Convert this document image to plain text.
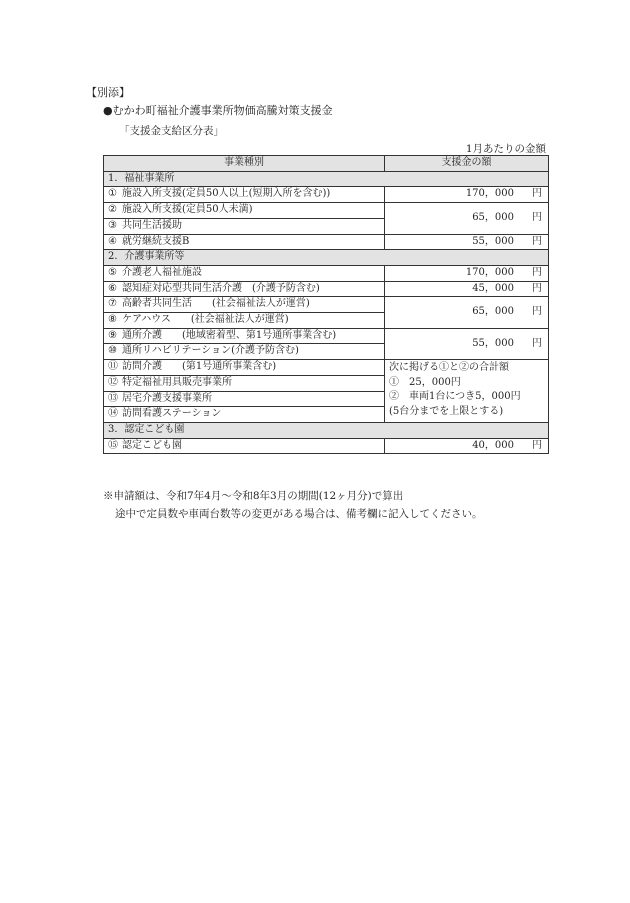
【別添】
●むかわ町福祉介護事業所物価高騰対策支援金
「支援金支給区分表」
1月あたりの金額
事業種別	支援金の額
1．福祉事業所	
① 施設入所支援(定員50人以上(短期入所を含む))	170，000 円
② 施設入所支援(定員50人未満)	65，000 円
③ 共同生活援助	
④ 就労継続支援B	55，000 円
2．介護事業所等	
⑤ 介護老人福祉施設	170，000 円
⑥ 認知症対応型共同生活介護　(介護予防含む)	45，000 円
⑦ 高齢者共同生活　　(社会福祉法人が運営)	65，000 円
⑧ ケアハウス　　(社会福祉法人が運営)	
⑨ 通所介護　　(地域密着型、第1号通所事業含む)	55，000 円
⑩ 通所リハビリテーション(介護予防含む)	
⑪ 訪問介護　　(第1号通所事業含む)	次に掲げる①と②の合計額
①　25，000円
②　車両1台につき5，000円
(5台分までを上限とする)

⑫ 特定福祉用具販売事業所	
⑬ 居宅介護支援事業所	
⑭ 訪問看護ステーション	
3．認定こども園	
⑮ 認定こども園	40，000 円
※申請額は、令和7年4月～令和8年3月の期間(12ヶ月分)で算出
途中で定員数や車両台数等の変更がある場合は、備考欄に記入してください。
